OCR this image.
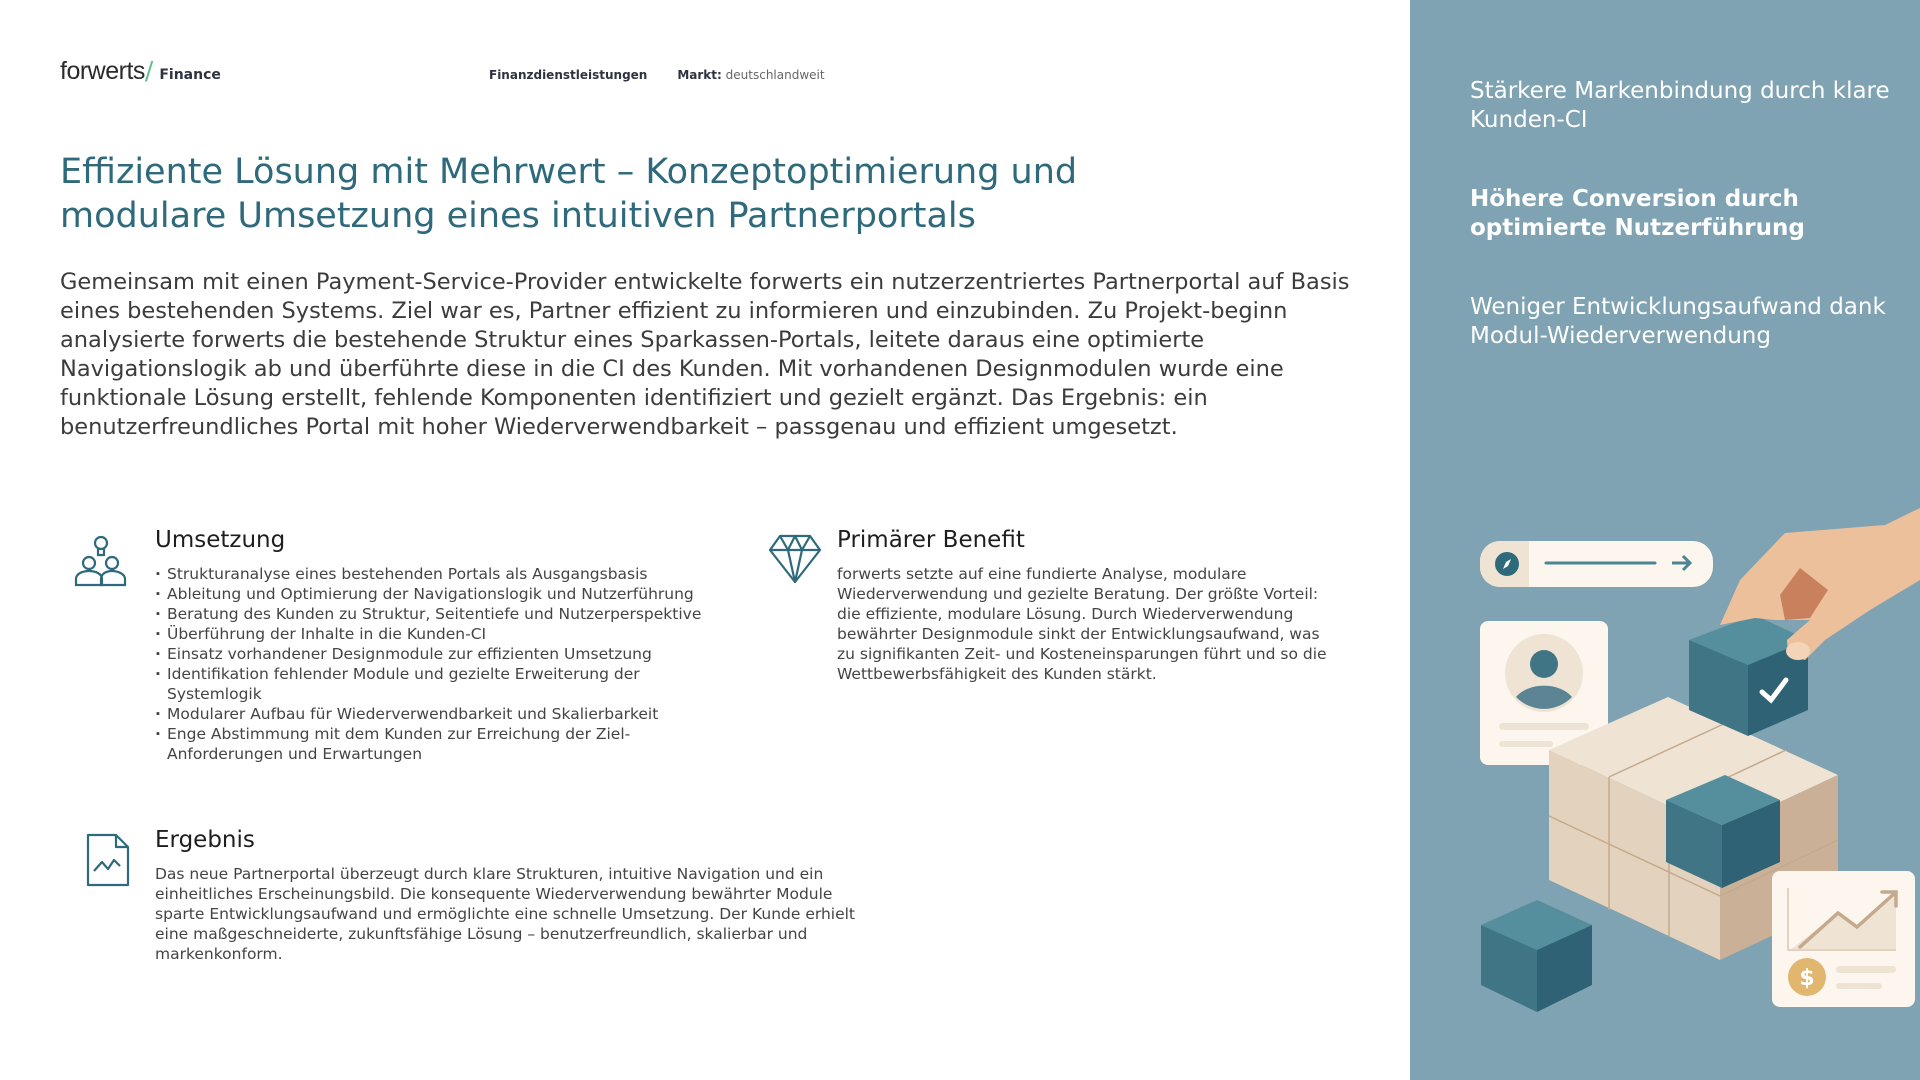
forwerts / Finance	Finanzdienstleistungen	Markt: deutschlandweit
Effiziente Lösung mit Mehrwert – Konzeptoptimierung und modulare Umsetzung eines intuitiven Partnerportals

Gemeinsam mit einen Payment-Service-Provider entwickelte forwerts ein nutzerzentriertes Partnerportal auf Basis eines bestehenden Systems. Ziel war es, Partner effizient zu informieren und einzubinden. Zu Projekt-beginn analysierte forwerts die bestehende Struktur eines Sparkassen-Portals, leitete daraus eine optimierte Navigationslogik ab und überführte diese in die CI des Kunden. Mit vorhandenen Designmodulen wurde eine funktionale Lösung erstellt, fehlende Komponenten identifiziert und gezielt ergänzt. Das Ergebnis: ein benutzerfreundliches Portal mit hoher Wiederverwendbarkeit – passgenau und effizient umgesetzt.

Umsetzung
· Strukturanalyse eines bestehenden Portals als Ausgangsbasis
· Ableitung und Optimierung der Navigationslogik und Nutzerführung
· Beratung des Kunden zu Struktur, Seitentiefe und Nutzerperspektive
· Überführung der Inhalte in die Kunden-CI
· Einsatz vorhandener Designmodule zur effizienten Umsetzung
· Identifikation fehlender Module und gezielte Erweiterung der Systemlogik
· Modularer Aufbau für Wiederverwendbarkeit und Skalierbarkeit
· Enge Abstimmung mit dem Kunden zur Erreichung der Ziel-Anforderungen und Erwartungen
Primärer Benefit

forwerts setzte auf eine fundierte Analyse, modulare Wiederverwendung und gezielte Beratung. Der größte Vorteil: die effiziente, modulare Lösung. Durch Wiederverwendung bewährter Designmodule sinkt der Entwicklungsaufwand, was zu signifikanten Zeit- und Kosteneinsparungen führt und so die Wettbewerbsfähigkeit des Kunden stärkt.

Ergebnis

Das neue Partnerportal überzeugt durch klare Strukturen, intuitive Navigation und ein einheitliches Erscheinungsbild. Die konsequente Wiederverwendung bewährter Module sparte Entwicklungsaufwand und ermöglichte eine schnelle Umsetzung. Der Kunde erhielt eine maßgeschneiderte, zukunftsfähige Lösung – benutzerfreundlich, skalierbar und markenkonform.

Stärkere Markenbindung durch klare Kunden-CI
Höhere Conversion durch optimierte Nutzerführung
Weniger Entwicklungsaufwand dank Modul-Wiederverwendung
$
